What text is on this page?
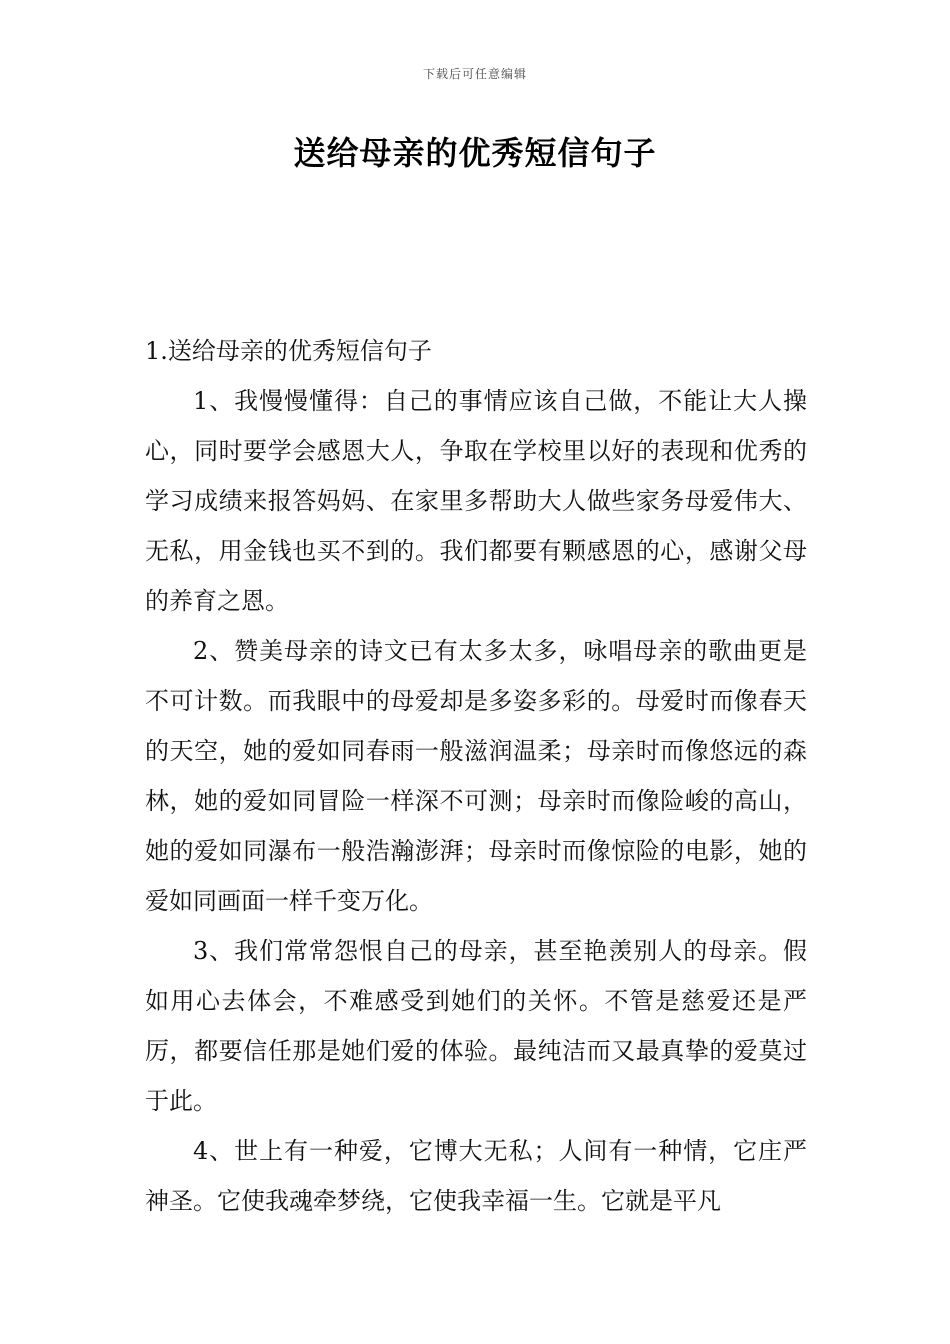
下载后可任意编辑
送给母亲的优秀短信句子
1.送给母亲的优秀短信句子

1、我慢慢懂得：自己的事情应该自己做，不能让大人操心，同时要学会感恩大人，争取在学校里以好的表现和优秀的学习成绩来报答妈妈、在家里多帮助大人做些家务母爱伟大、无私，用金钱也买不到的。我们都要有颗感恩的心，感谢父母的养育之恩。

2、赞美母亲的诗文已有太多太多，咏唱母亲的歌曲更是不可计数。而我眼中的母爱却是多姿多彩的。母爱时而像春天的天空，她的爱如同春雨一般滋润温柔；母亲时而像悠远的森林，她的爱如同冒险一样深不可测；母亲时而像险峻的高山，她的爱如同瀑布一般浩瀚澎湃；母亲时而像惊险的电影，她的爱如同画面一样千变万化。

3、我们常常怨恨自己的母亲，甚至艳羡别人的母亲。假如用心去体会，不难感受到她们的关怀。不管是慈爱还是严厉，都要信任那是她们爱的体验。最纯洁而又最真挚的爱莫过于此。

4、世上有一种爱，它博大无私；人间有一种情，它庄严神圣。它使我魂牵梦绕，它使我幸福一生。它就是平凡
